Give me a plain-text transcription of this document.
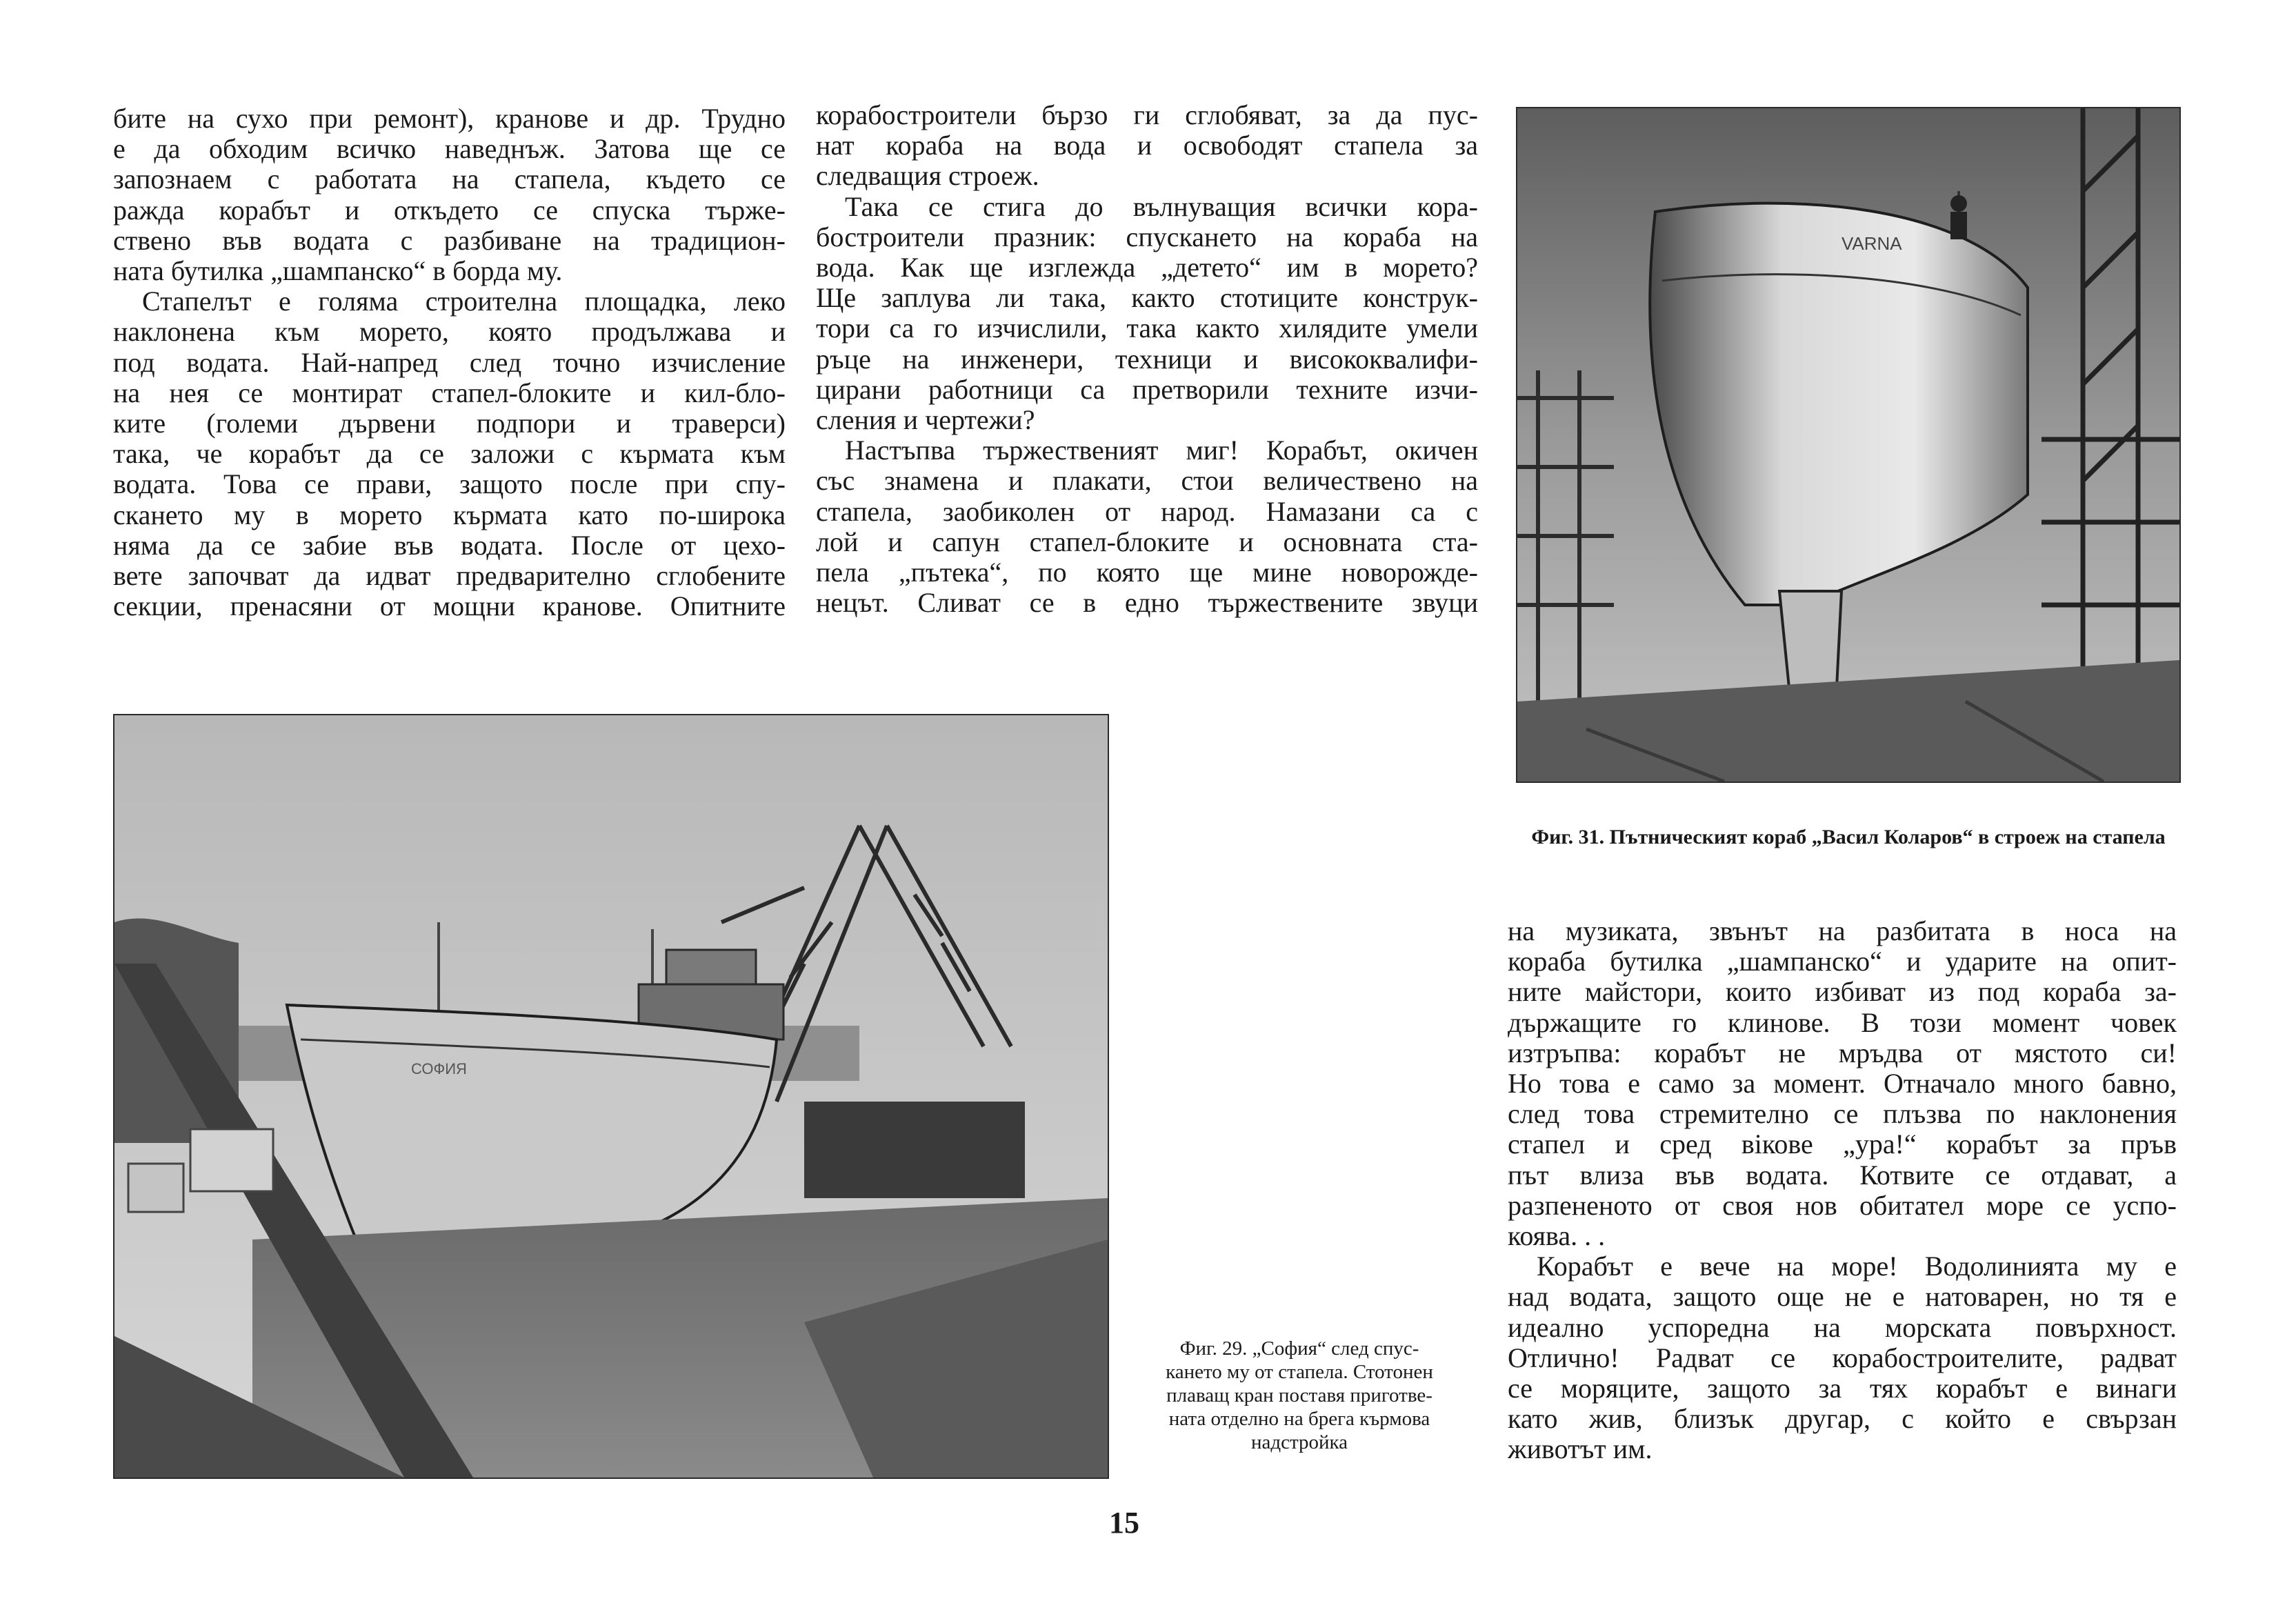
бите на сухо при ремонт), кранове и др. Трудно
е да обходим всичко наведнъж. Затова ще се
запознаем с работата на стапела, където се
ражда корабът и откъдето се спуска тържe-
ствено във водата с разбиване на традицион-
ната бутилка „шампанско“ в борда му.
Стапелът е голяма строителна площадка, леко
наклонена към морето, която продължава и
под водата. Най-напред след точно изчисление
на нея се монтират стапел-блоките и кил-бло-
ките (големи дървени подпори и траверси)
така, че корабът да се заложи с кърмата към
водата. Това се прави, защото после при спу-
скането му в морето кърмата като по-широка
няма да се забие във водата. После от цехо-
вете започват да идват предварително сглобените
секции, пренасяни от мощни кранове. Опитните
корабостроители бързо ги сглобяват, за да пус-
нат кораба на вода и освободят стапела за
следващия строеж.
Така се стига до вълнуващия всички кора-
бостроители празник: спускането на кораба на
вода. Как ще изглежда „детето“ им в морето?
Ще заплува ли така, както стотиците конструк-
тори са го изчислили, така както хилядите умели
ръце на инженери, техници и висококвалифи-
цирани работници са претворили техните изчи-
сления и чертежи?
Настъпва тържественият миг! Корабът, окичен
със знамена и плакати, стои величествено на
стапела, заобиколен от народ. Намазани са с
лой и сапун стапел-блоките и основната ста-
пела „пътека“, по която ще мине новорожде-
нецът. Сливат се в едно тържествените звуци
VARNA
Фиг. 31. Пътническият кораб „Васил Коларов“ в строеж на стапела
СОФИЯ
Фиг. 29. „София“ след спус-
кането му от стапела. Стотонен
плаващ кран поставя приготве-
ната отделно на брега кърмова
надстройка
на музиката, звънът на разбитата в носа на
кораба бутилка „шампанско“ и ударите на опит-
ните майстори, които избиват из под кораба за-
държащите го клинове. В този момент човек
изтръпва: корабът не мръдва от мястото си!
Но това е само за момент. Отначало много бавно,
след това стремително се плъзва по наклонения
стапел и сред вікове „ура!“ корабът за пръв
път влиза във водата. Котвите се отдават, а
разпененото от своя нов обитател море се успо-
коява. . .
Корабът е вече на море! Водолинията му е
над водата, защото още не е натоварен, но тя е
идеално успоредна на морската повърхност.
Отлично! Радват се корабостроителите, радват
се моряците, защото за тях корабът е винаги
като жив, близък другар, с който е свързан
животът им.
15
